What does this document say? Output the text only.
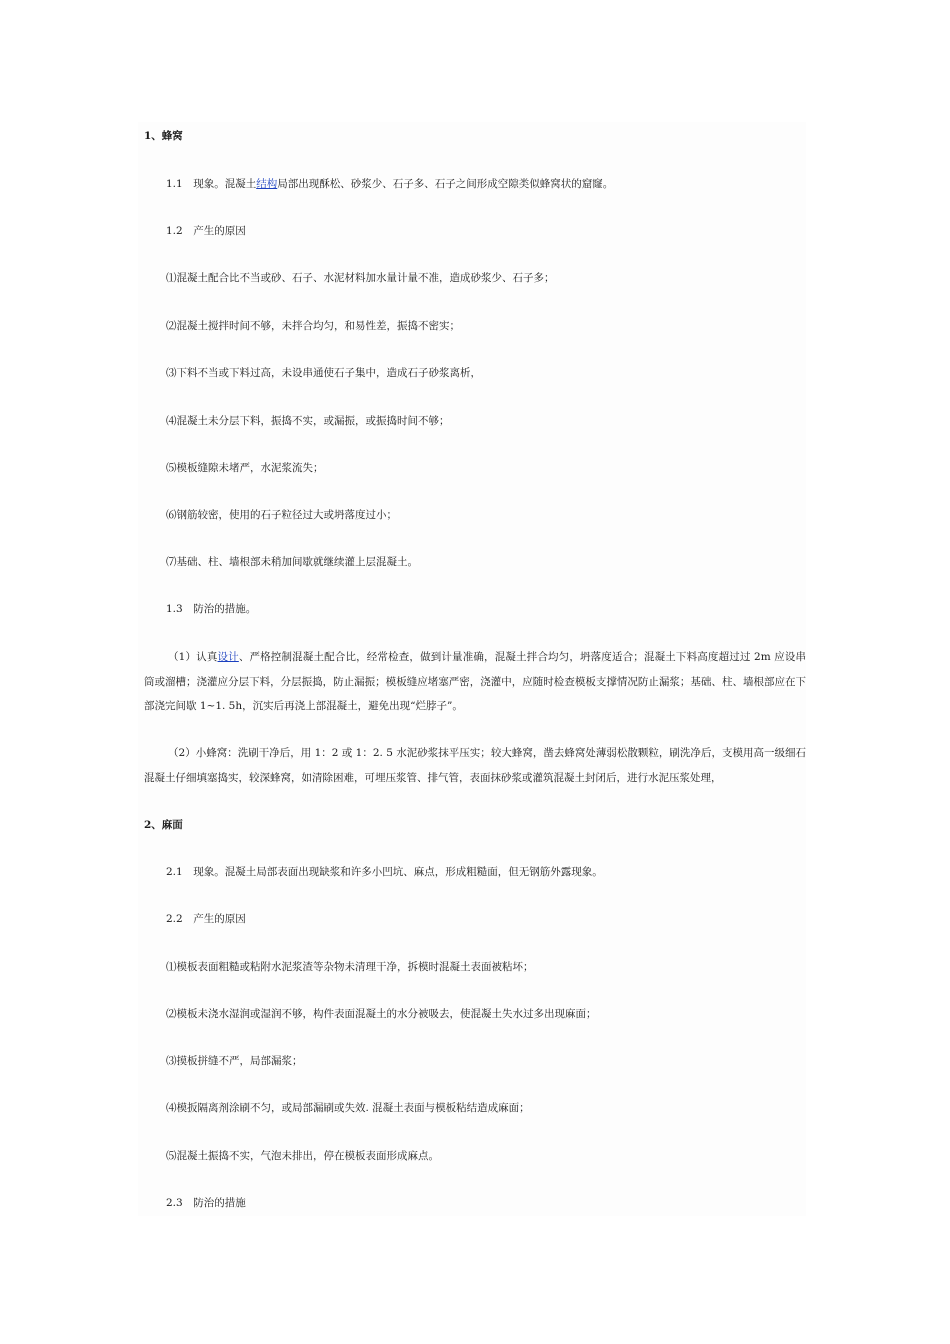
1、蜂窝

1.1　现象。混凝土结构局部出现酥松、砂浆少、石子多、石子之间形成空隙类似蜂窝状的窟窿。

1.2　产生的原因

⑴混凝土配合比不当或砂、石子、水泥材料加水量计量不准，造成砂浆少、石子多；

⑵混凝土搅拌时间不够，未拌合均匀，和易性差，振捣不密实；

⑶下料不当或下料过高，未设串通使石子集中，造成石子砂浆离析，

⑷混凝土未分层下料，振捣不实，或漏振，或振捣时间不够；

⑸模板缝隙未堵严，水泥浆流失；

⑹钢筋较密，使用的石子粒径过大或坍落度过小；

⑺基础、柱、墙根部未稍加间歇就继续灌上层混凝土。

1.3　防治的措施。

（1）认真设计、严格控制混凝土配合比，经常检查，做到计量准确，混凝土拌合均匀，坍落度适合；混凝土下料高度超过过 2m 应设串筒或溜槽；浇灌应分层下料，分层振捣，防止漏振；模板缝应堵塞严密，浇灌中，应随时检查模板支撑情况防止漏浆；基础、柱、墙根部应在下部浇完间歇 1~1. 5h，沉实后再浇上部混凝土，避免出现“烂脖子”。

（2）小蜂窝：洗刷干净后，用 1：2 或 1：2. 5 水泥砂浆抹平压实；较大蜂窝，凿去蜂窝处薄弱松散颗粒，刷洗净后，支模用高一级细石混凝土仔细填塞捣实，较深蜂窝，如清除困难，可埋压浆管、排气管，表面抹砂浆或灌筑混凝土封闭后，进行水泥压浆处理，

2、麻面

2.1　现象。混凝土局部表面出现缺浆和许多小凹坑、麻点，形成粗糙面，但无钢筋外露现象。

2.2　产生的原因

⑴模板表面粗糙或粘附水泥浆渣等杂物未清理干净，拆模时混凝土表面被粘坏；

⑵模板未浇水湿润或湿润不够，构件表面混凝土的水分被吸去，使混凝土失水过多出现麻面；

⑶摸板拼缝不严，局部漏浆；

⑷模扳隔离剂涂刷不匀，或局部漏刷或失效. 混凝土表面与模板粘结造成麻面；

⑸混凝土振捣不实，气泡未排出，停在模板表面形成麻点。

2.3　防治的措施
